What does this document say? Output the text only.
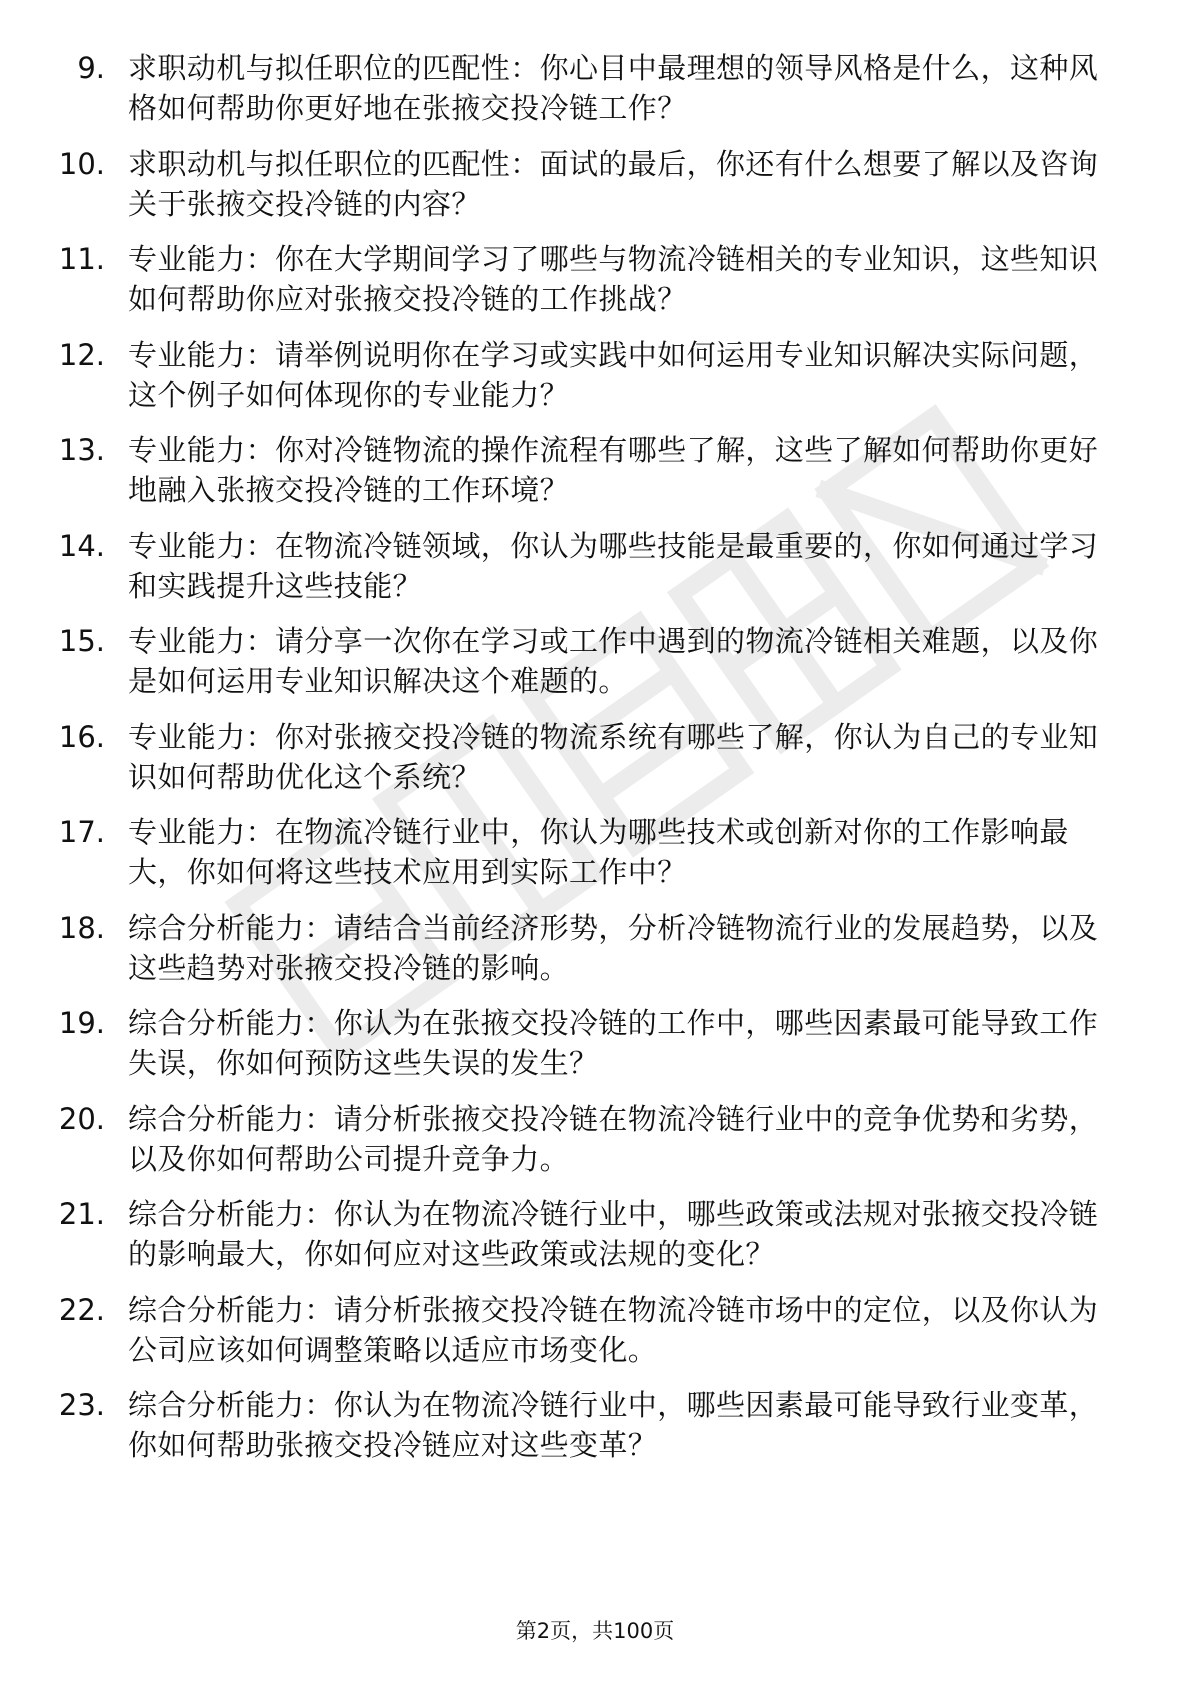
9. 求职动机与拟任职位的匹配性：你心目中最理想的领导风格是什么，这种风格如何帮助你更好地在张掖交投冷链工作？
10. 求职动机与拟任职位的匹配性：面试的最后，你还有什么想要了解以及咨询关于张掖交投冷链的内容？
11. 专业能力：你在大学期间学习了哪些与物流冷链相关的专业知识，这些知识如何帮助你应对张掖交投冷链的工作挑战？
12. 专业能力：请举例说明你在学习或实践中如何运用专业知识解决实际问题，这个例子如何体现你的专业能力？
13. 专业能力：你对冷链物流的操作流程有哪些了解，这些了解如何帮助你更好地融入张掖交投冷链的工作环境？
14. 专业能力：在物流冷链领域，你认为哪些技能是最重要的，你如何通过学习和实践提升这些技能？
15. 专业能力：请分享一次你在学习或工作中遇到的物流冷链相关难题，以及你是如何运用专业知识解决这个难题的。
16. 专业能力：你对张掖交投冷链的物流系统有哪些了解，你认为自己的专业知识如何帮助优化这个系统？
17. 专业能力：在物流冷链行业中，你认为哪些技术或创新对你的工作影响最大，你如何将这些技术应用到实际工作中？
18. 综合分析能力：请结合当前经济形势，分析冷链物流行业的发展趋势，以及这些趋势对张掖交投冷链的影响。
19. 综合分析能力：你认为在张掖交投冷链的工作中，哪些因素最可能导致工作失误，你如何预防这些失误的发生？
20. 综合分析能力：请分析张掖交投冷链在物流冷链行业中的竞争优势和劣势，以及你如何帮助公司提升竞争力。
21. 综合分析能力：你认为在物流冷链行业中，哪些政策或法规对张掖交投冷链的影响最大，你如何应对这些政策或法规的变化？
22. 综合分析能力：请分析张掖交投冷链在物流冷链市场中的定位，以及你认为公司应该如何调整策略以适应市场变化。
23. 综合分析能力：你认为在物流冷链行业中，哪些因素最可能导致行业变革，你如何帮助张掖交投冷链应对这些变革？
第2页，共100页
